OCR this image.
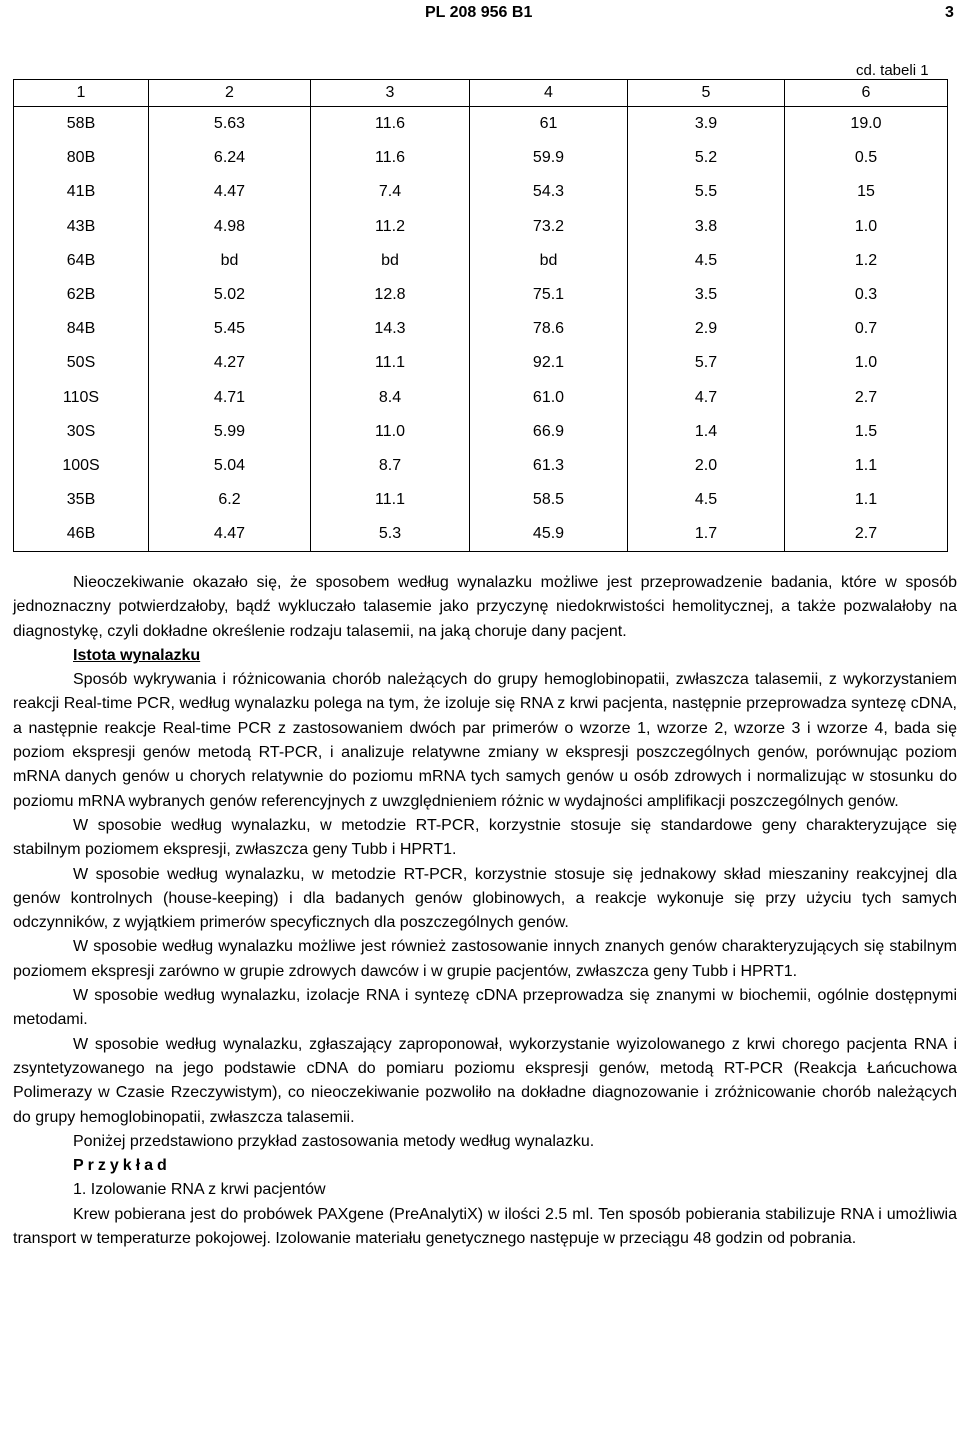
PL 208 956 B1	3
cd. tabeli 1
1	2	3	4	5	6
58B	5.63	11.6	61	3.9	19.0
80B	6.24	11.6	59.9	5.2	0.5
41B	4.47	7.4	54.3	5.5	15
43B	4.98	11.2	73.2	3.8	1.0
64B	bd	bd	bd	4.5	1.2
62B	5.02	12.8	75.1	3.5	0.3
84B	5.45	14.3	78.6	2.9	0.7
50S	4.27	11.1	92.1	5.7	1.0
110S	4.71	8.4	61.0	4.7	2.7
30S	5.99	11.0	66.9	1.4	1.5
100S	5.04	8.7	61.3	2.0	1.1
35B	6.2	11.1	58.5	4.5	1.1
46B	4.47	5.3	45.9	1.7	2.7

Nieoczekiwanie okazało się, że sposobem według wynalazku możliwe jest przeprowadzenie badania, które w sposób jednoznaczny potwierdzałoby, bądź wykluczało talasemie jako przyczynę niedokrwistości hemolitycznej, a także pozwalałoby na diagnostykę, czyli dokładne określenie rodzaju talasemii, na jaką choruje dany pacjent.

Istota wynalazku

Sposób wykrywania i różnicowania chorób należących do grupy hemoglobinopatii, zwłaszcza talasemii, z wykorzystaniem reakcji Real-time PCR, według wynalazku polega na tym, że izoluje się RNA z krwi pacjenta, następnie przeprowadza syntezę cDNA, a następnie reakcje Real-time PCR z zastosowaniem dwóch par primerów o wzorze 1, wzorze 2, wzorze 3 i wzorze 4, bada się poziom ekspresji genów metodą RT-PCR, i analizuje relatywne zmiany w ekspresji poszczególnych genów, porównując poziom mRNA danych genów u chorych relatywnie do poziomu mRNA tych samych genów u osób zdrowych i normalizując w stosunku do poziomu mRNA wybranych genów referencyjnych z uwzględnieniem różnic w wydajności amplifikacji poszczególnych genów.

W sposobie według wynalazku, w metodzie RT-PCR, korzystnie stosuje się standardowe geny charakteryzujące się stabilnym poziomem ekspresji, zwłaszcza geny Tubb i HPRT1.

W sposobie według wynalazku, w metodzie RT-PCR, korzystnie stosuje się jednakowy skład mieszaniny reakcyjnej dla genów kontrolnych (house-keeping) i dla badanych genów globinowych, a reakcje wykonuje się przy użyciu tych samych odczynników, z wyjątkiem primerów specyficznych dla poszczególnych genów.

W sposobie według wynalazku możliwe jest również zastosowanie innych znanych genów charakteryzujących się stabilnym poziomem ekspresji zarówno w grupie zdrowych dawców i w grupie pacjentów, zwłaszcza geny Tubb i HPRT1.

W sposobie według wynalazku, izolacje RNA i syntezę cDNA przeprowadza się znanymi w biochemii, ogólnie dostępnymi metodami.

W sposobie według wynalazku, zgłaszający zaproponował, wykorzystanie wyizolowanego z krwi chorego pacjenta RNA i zsyntetyzowanego na jego podstawie cDNA do pomiaru poziomu ekspresji genów, metodą RT-PCR (Reakcja Łańcuchowa Polimerazy w Czasie Rzeczywistym), co nieoczekiwanie pozwoliło na dokładne diagnozowanie i zróżnicowanie chorób należących do grupy hemoglobinopatii, zwłaszcza talasemii.

Poniżej przedstawiono przykład zastosowania metody według wynalazku.
Przykład
1. Izolowanie RNA z krwi pacjentów

Krew pobierana jest do probówek PAXgene (PreAnalytiX) w ilości 2.5 ml. Ten sposób pobierania stabilizuje RNA i umożliwia transport w temperaturze pokojowej. Izolowanie materiału genetycznego następuje w przeciągu 48 godzin od pobrania.
